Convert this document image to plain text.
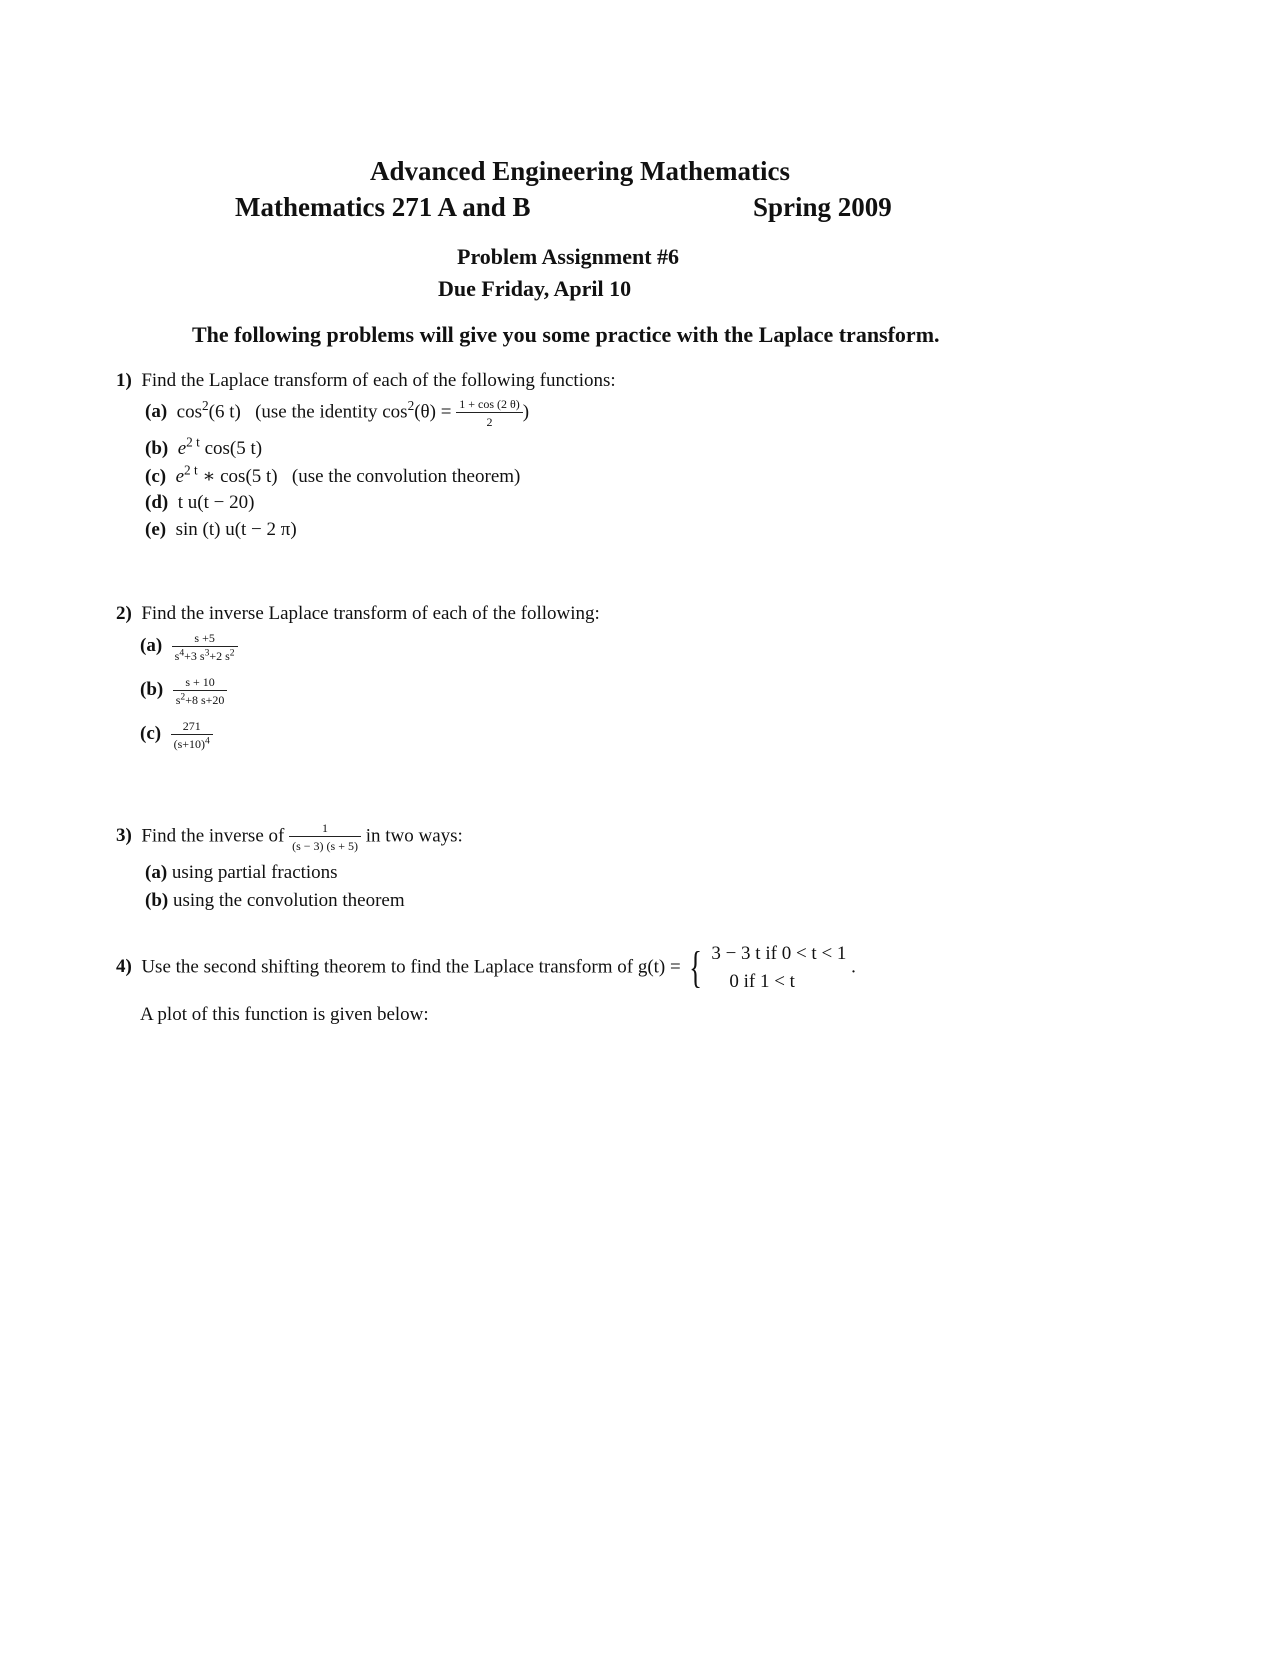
Advanced Engineering Mathematics
Mathematics 271 A and B	Spring 2009
Problem Assignment #6
Due Friday, April 10
The following problems will give you some practice with the Laplace transform.
1) Find the Laplace transform of each of the following functions:
(a) $\cos^2(6$ t) (use the identity $\cos^2(\theta) = \frac{1 + \cos (2 \theta)}{2}$ )
(b) $e^{2 t}$ cos(5 t)
(c) $e^{2 t}$ ∗ cos(5 t) (use the convolution theorem)
(d) t u(t − 20)
(e) sin (t) u(t − 2 π)
2) Find the inverse Laplace transform of each of the following:
$(a) \frac{s +5}{s^4+3 s^3+2 s^2}$
$(b) \frac{s + 10}{s^2+8 s+20}$
$(c) \frac{271}{(s+10)^4}$
3) Find the inverse of $\frac{1}{(s - 3) (s + 5)}$ in two ways:
(a) using partial fractions
(b) using the convolution theorem
4) Use the second shifting theorem to find the Laplace transform of g(t) = { 3 − 3 t if 0 < t < 1
0 if 1 < t
.
A plot of this function is given below:
